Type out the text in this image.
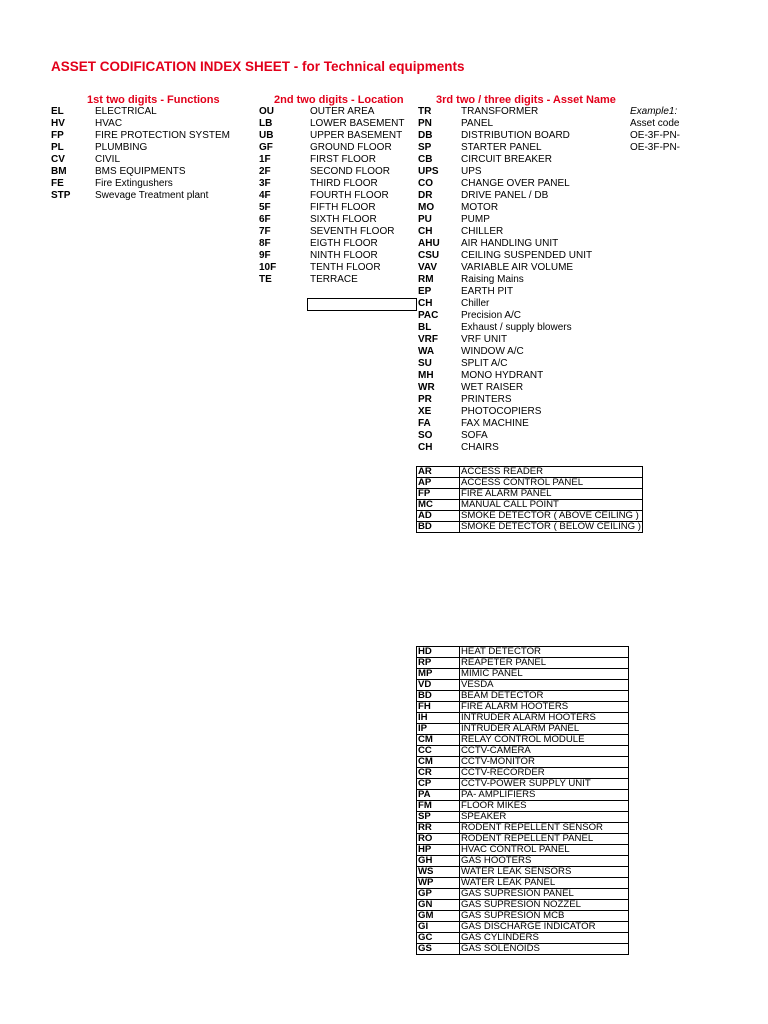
ASSET CODIFICATION INDEX SHEET - for Technical equipments
1st two digits - Functions	2nd two digits - Location	3rd two / three digits - Asset Name
EL	ELECTRICAL
HV	HVAC
FP	FIRE PROTECTION SYSTEM
PL	PLUMBING
CV	CIVIL
BM	BMS EQUIPMENTS
FE	Fire Extingushers
STP Swevage Treatment plant
OU	OUTER AREA
LB	LOWER BASEMENT
UB	UPPER BASEMENT
GF	GROUND FLOOR
1F	FIRST FLOOR
2F	SECOND FLOOR
3F	THIRD FLOOR
4F	FOURTH FLOOR
5F	FIFTH FLOOR
6F	SIXTH FLOOR
7F	SEVENTH FLOOR
8F	EIGTH FLOOR
9F	NINTH FLOOR
10F	TENTH FLOOR
TE	TERRACE
TR	TRANSFORMER
PN	PANEL
DB	DISTRIBUTION BOARD
SP	STARTER PANEL
CB	CIRCUIT BREAKER
UPS UPS
CO	CHANGE OVER PANEL
DR	DRIVE PANEL / DB
MO	MOTOR
PU	PUMP
CH	CHILLER
AHU AIR HANDLING UNIT
CSU CEILING SUSPENDED UNIT
VAV VARIABLE AIR VOLUME
RM	Raising Mains
EP	EARTH PIT
CH	Chiller
PAC Precision A/C
BL	Exhaust / supply blowers
VRF VRF UNIT
WA	WINDOW A/C
SU	SPLIT A/C
MH	MONO HYDRANT
WR	WET RAISER
PR	PRINTERS
XE	PHOTOCOPIERS
FA	FAX MACHINE
SO	SOFA
CH	CHAIRS
Example1:
Asset code
OE-3F-PN-
OE-3F-PN-
AR	ACCESS READER
AP	ACCESS CONTROL PANEL
FP	FIRE ALARM PANEL
MC	MANUAL CALL POINT
AD	SMOKE DETECTOR ( ABOVE CEILING )
BD	SMOKE DETECTOR ( BELOW CEILING )
HD	HEAT DETECTOR
RP	REAPETER PANEL
MP	MIMIC PANEL
VD	VESDA
BD	BEAM DETECTOR
FH	FIRE ALARM HOOTERS
IH	INTRUDER ALARM HOOTERS
IP	INTRUDER ALARM PANEL
CM	RELAY CONTROL MODULE
CC	CCTV-CAMERA
CM	CCTV-MONITOR
CR	CCTV-RECORDER
CP	CCTV-POWER SUPPLY UNIT
PA	PA- AMPLIFIERS
FM	FLOOR MIKES
SP	SPEAKER
RR	RODENT REPELLENT SENSOR
RO	RODENT REPELLENT PANEL
HP	HVAC CONTROL PANEL
GH	GAS HOOTERS
WS	WATER LEAK SENSORS
WP	WATER LEAK PANEL
GP	GAS SUPRESION PANEL
GN	GAS SUPRESION NOZZEL
GM	GAS SUPRESION MCB
GI	GAS DISCHARGE INDICATOR
GC	GAS CYLINDERS
GS	GAS SOLENOIDS
